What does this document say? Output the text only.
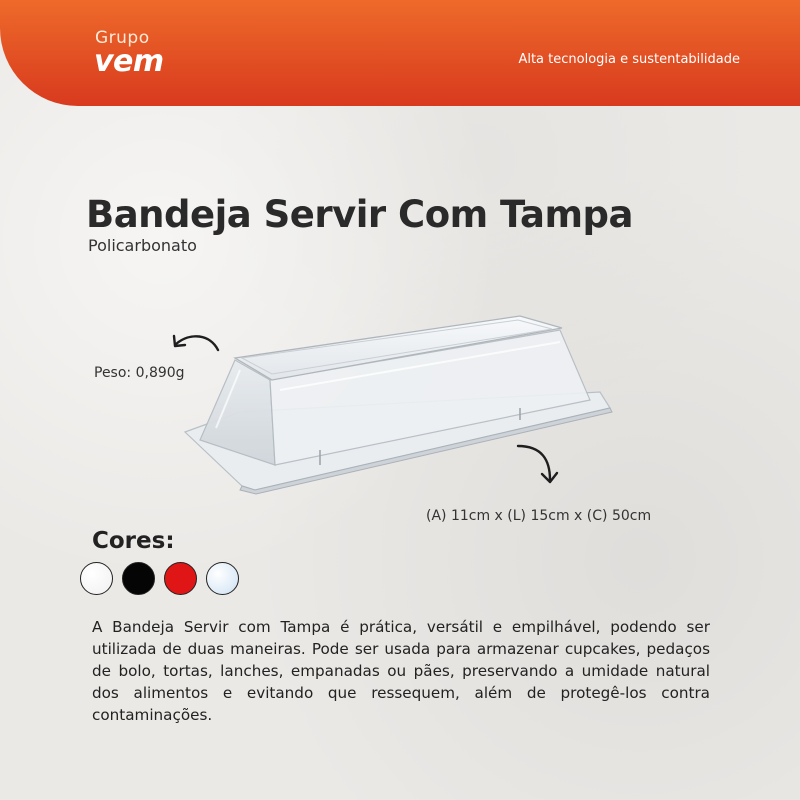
Grupo
vem	Alta tecnologia e sustentabilidade
Bandeja Servir Com Tampa
Policarbonato
Peso: 0,890g
(A) 11cm x (L) 15cm x (C) 50cm
Cores:
A Bandeja Servir com Tampa é prática, versátil e empilhável, podendo ser utilizada de duas maneiras. Pode ser usada para armazenar cupcakes, pedaços de bolo, tortas, lanches, empanadas ou pães, preservando a umidade natural dos alimentos e evitando que ressequem, além de protegê-los contra contaminações.
